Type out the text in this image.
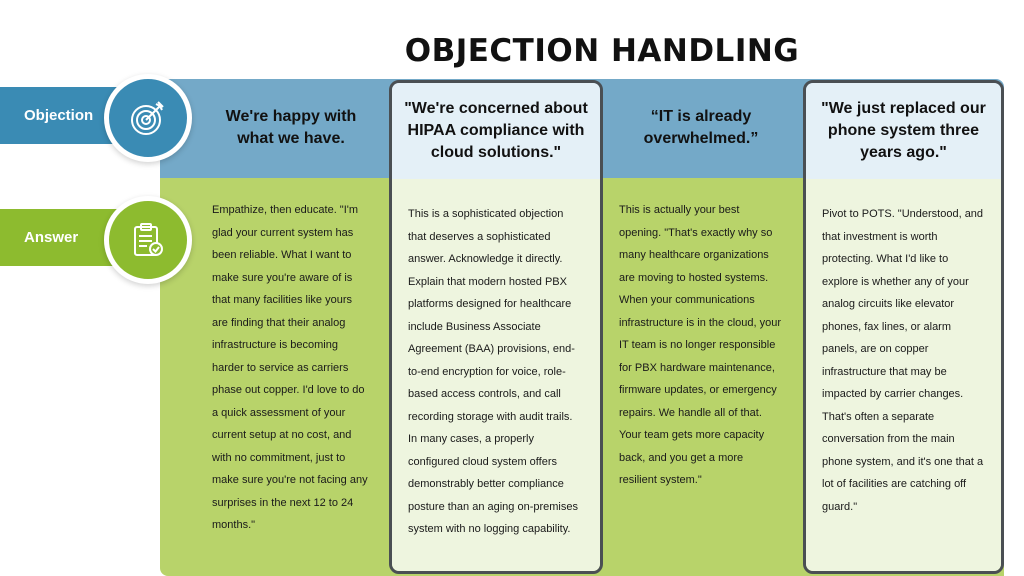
OBJECTION HANDLING
Objection
Answer
We're happy with what we have.
Empathize, then educate. "I'm glad your current system has been reliable. What I want to make sure you're aware of is that many facilities like yours are finding that their analog infrastructure is becoming harder to service as carriers phase out copper. I'd love to do a quick assessment of your current setup at no cost, and with no commitment, just to make sure you're not facing any surprises in the next 12 to 24 months."
"We're concerned about HIPAA compliance with cloud solutions."
This is a sophisticated objection that deserves a sophisticated answer. Acknowledge it directly. Explain that modern hosted PBX platforms designed for healthcare include Business Associate Agreement (BAA) provisions, end-to-end encryption for voice, role-based access controls, and call recording storage with audit trails. In many cases, a properly configured cloud system offers demonstrably better compliance posture than an aging on-premises system with no logging capability.
“IT is already overwhelmed.”
This is actually your best opening. "That's exactly why so many healthcare organizations are moving to hosted systems. When your communications infrastructure is in the cloud, your IT team is no longer responsible for PBX hardware maintenance, firmware updates, or emergency repairs. We handle all of that. Your team gets more capacity back, and you get a more resilient system."
"We just replaced our phone system three years ago."
Pivot to POTS. "Understood, and that investment is worth protecting. What I'd like to explore is whether any of your analog circuits like elevator phones, fax lines, or alarm panels, are on copper infrastructure that may be impacted by carrier changes. That's often a separate conversation from the main phone system, and it's one that a lot of facilities are catching off guard."
